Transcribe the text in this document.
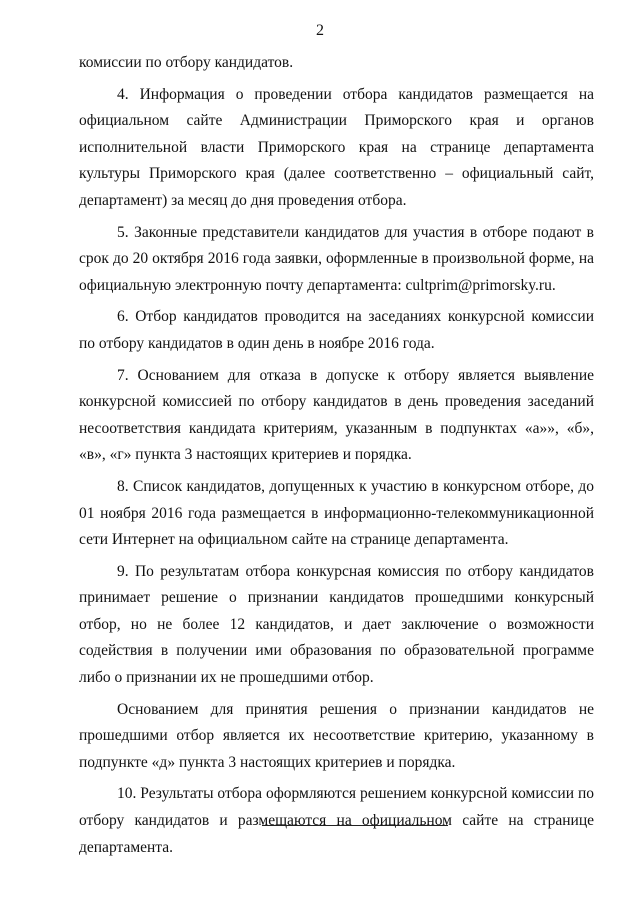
2

комиссии по отбору кандидатов.

4. Информация о проведении отбора кандидатов размещается на официальном сайте Администрации Приморского края и органов исполнительной власти Приморского края на странице департамента культуры Приморского края (далее соответственно – официальный сайт, департамент) за месяц до дня проведения отбора.

5. Законные представители кандидатов для участия в отборе подают в срок до 20 октября 2016 года заявки, оформленные в произвольной форме, на официальную электронную почту департамента: cultprim@primorsky.ru.

6. Отбор кандидатов проводится на заседаниях конкурсной комиссии по отбору кандидатов в один день в ноябре 2016 года.

7. Основанием для отказа в допуске к отбору является выявление конкурсной комиссией по отбору кандидатов в день проведения заседаний несоответствия кандидата критериям, указанным в подпунктах «а»», «б», «в», «г» пункта 3 настоящих критериев и порядка.

8. Список кандидатов, допущенных к участию в конкурсном отборе, до 01 ноября 2016 года размещается в информационно-телекоммуникационной сети Интернет на официальном сайте на странице департамента.

9. По результатам отбора конкурсная комиссия по отбору кандидатов принимает решение о признании кандидатов прошедшими конкурсный отбор, но не более 12 кандидатов, и дает заключение о возможности содействия в получении ими образования по образовательной программе либо о признании их не прошедшими отбор.

Основанием для принятия решения о признании кандидатов не прошедшими отбор является их несоответствие критерию, указанному в подпункте «д» пункта 3 настоящих критериев и порядка.

10. Результаты отбора оформляются решением конкурсной комиссии по отбору кандидатов и размещаются на официальном сайте на странице департамента.
